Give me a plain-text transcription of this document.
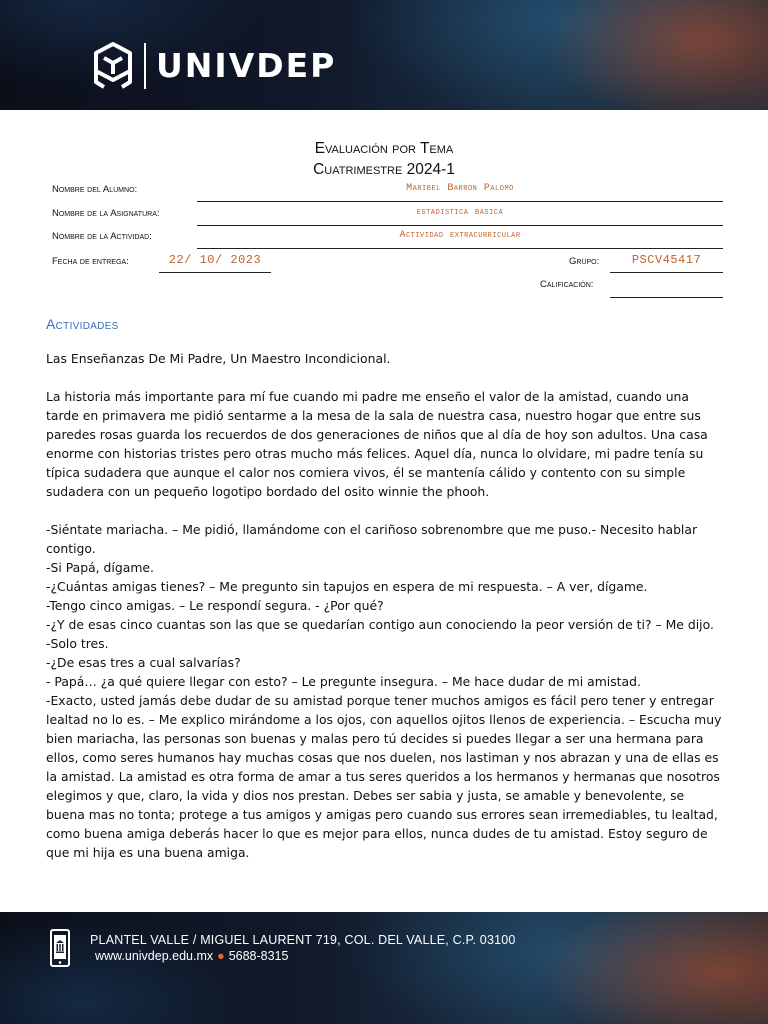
UNIVDEP
Evaluación por Tema
Cuatrimestre 2024-1
Nombre del Alumno:	Maribel Barron Palomo
Nombre de la Asignatura:	estadistica basica
Nombre de la Actividad:	Actividad extracurricular
Fecha de entrega:	22/ 10/ 2023	Grupo:	PSCV45417
Calificación:
Actividades

Las Enseñanzas De Mi Padre, Un Maestro Incondicional.

La historia más importante para mí fue cuando mi padre me enseño el valor de la amistad, cuando una tarde en primavera me pidió sentarme a la mesa de la sala de nuestra casa, nuestro hogar que entre sus paredes rosas guarda los recuerdos de dos generaciones de niños que al día de hoy son adultos. Una casa enorme con historias tristes pero otras mucho más felices. Aquel día, nunca lo olvidare, mi padre tenía su típica sudadera que aunque el calor nos comiera vivos, él se mantenía cálido y contento con su simple sudadera con un pequeño logotipo bordado del osito winnie the phooh.

-Siéntate mariacha. – Me pidió, llamándome con el cariñoso sobrenombre que me puso.- Necesito hablar contigo.

-Si Papá, dígame.

-¿Cuántas amigas tienes? – Me pregunto sin tapujos en espera de mi respuesta. – A ver, dígame.

-Tengo cinco amigas. – Le respondí segura. - ¿Por qué?

-¿Y de esas cinco cuantas son las que se quedarían contigo aun conociendo la peor versión de ti? – Me dijo.

-Solo tres.

-¿De esas tres a cual salvarías?

- Papá… ¿a qué quiere llegar con esto? – Le pregunte insegura. – Me hace dudar de mi amistad.

-Exacto, usted jamás debe dudar de su amistad porque tener muchos amigos es fácil pero tener y entregar lealtad no lo es. – Me explico mirándome a los ojos, con aquellos ojitos llenos de experiencia. – Escucha muy bien mariacha, las personas son buenas y malas pero tú decides si puedes llegar a ser una hermana para ellos, como seres humanos hay muchas cosas que nos duelen, nos lastiman y nos abrazan y una de ellas es la amistad. La amistad es otra forma de amar a tus seres queridos a los hermanos y hermanas que nosotros elegimos y que, claro, la vida y dios nos prestan. Debes ser sabia y justa, se amable y benevolente, se buena mas no tonta; protege a tus amigos y amigas pero cuando sus errores sean irremediables, tu lealtad, como buena amiga deberás hacer lo que es mejor para ellos, nunca dudes de tu amistad. Estoy seguro de que mi hija es una buena amiga.

PLANTEL VALLE / MIGUEL LAURENT 719, COL. DEL VALLE, C.P. 03100
www.univdep.edu.mx ● 5688-8315
